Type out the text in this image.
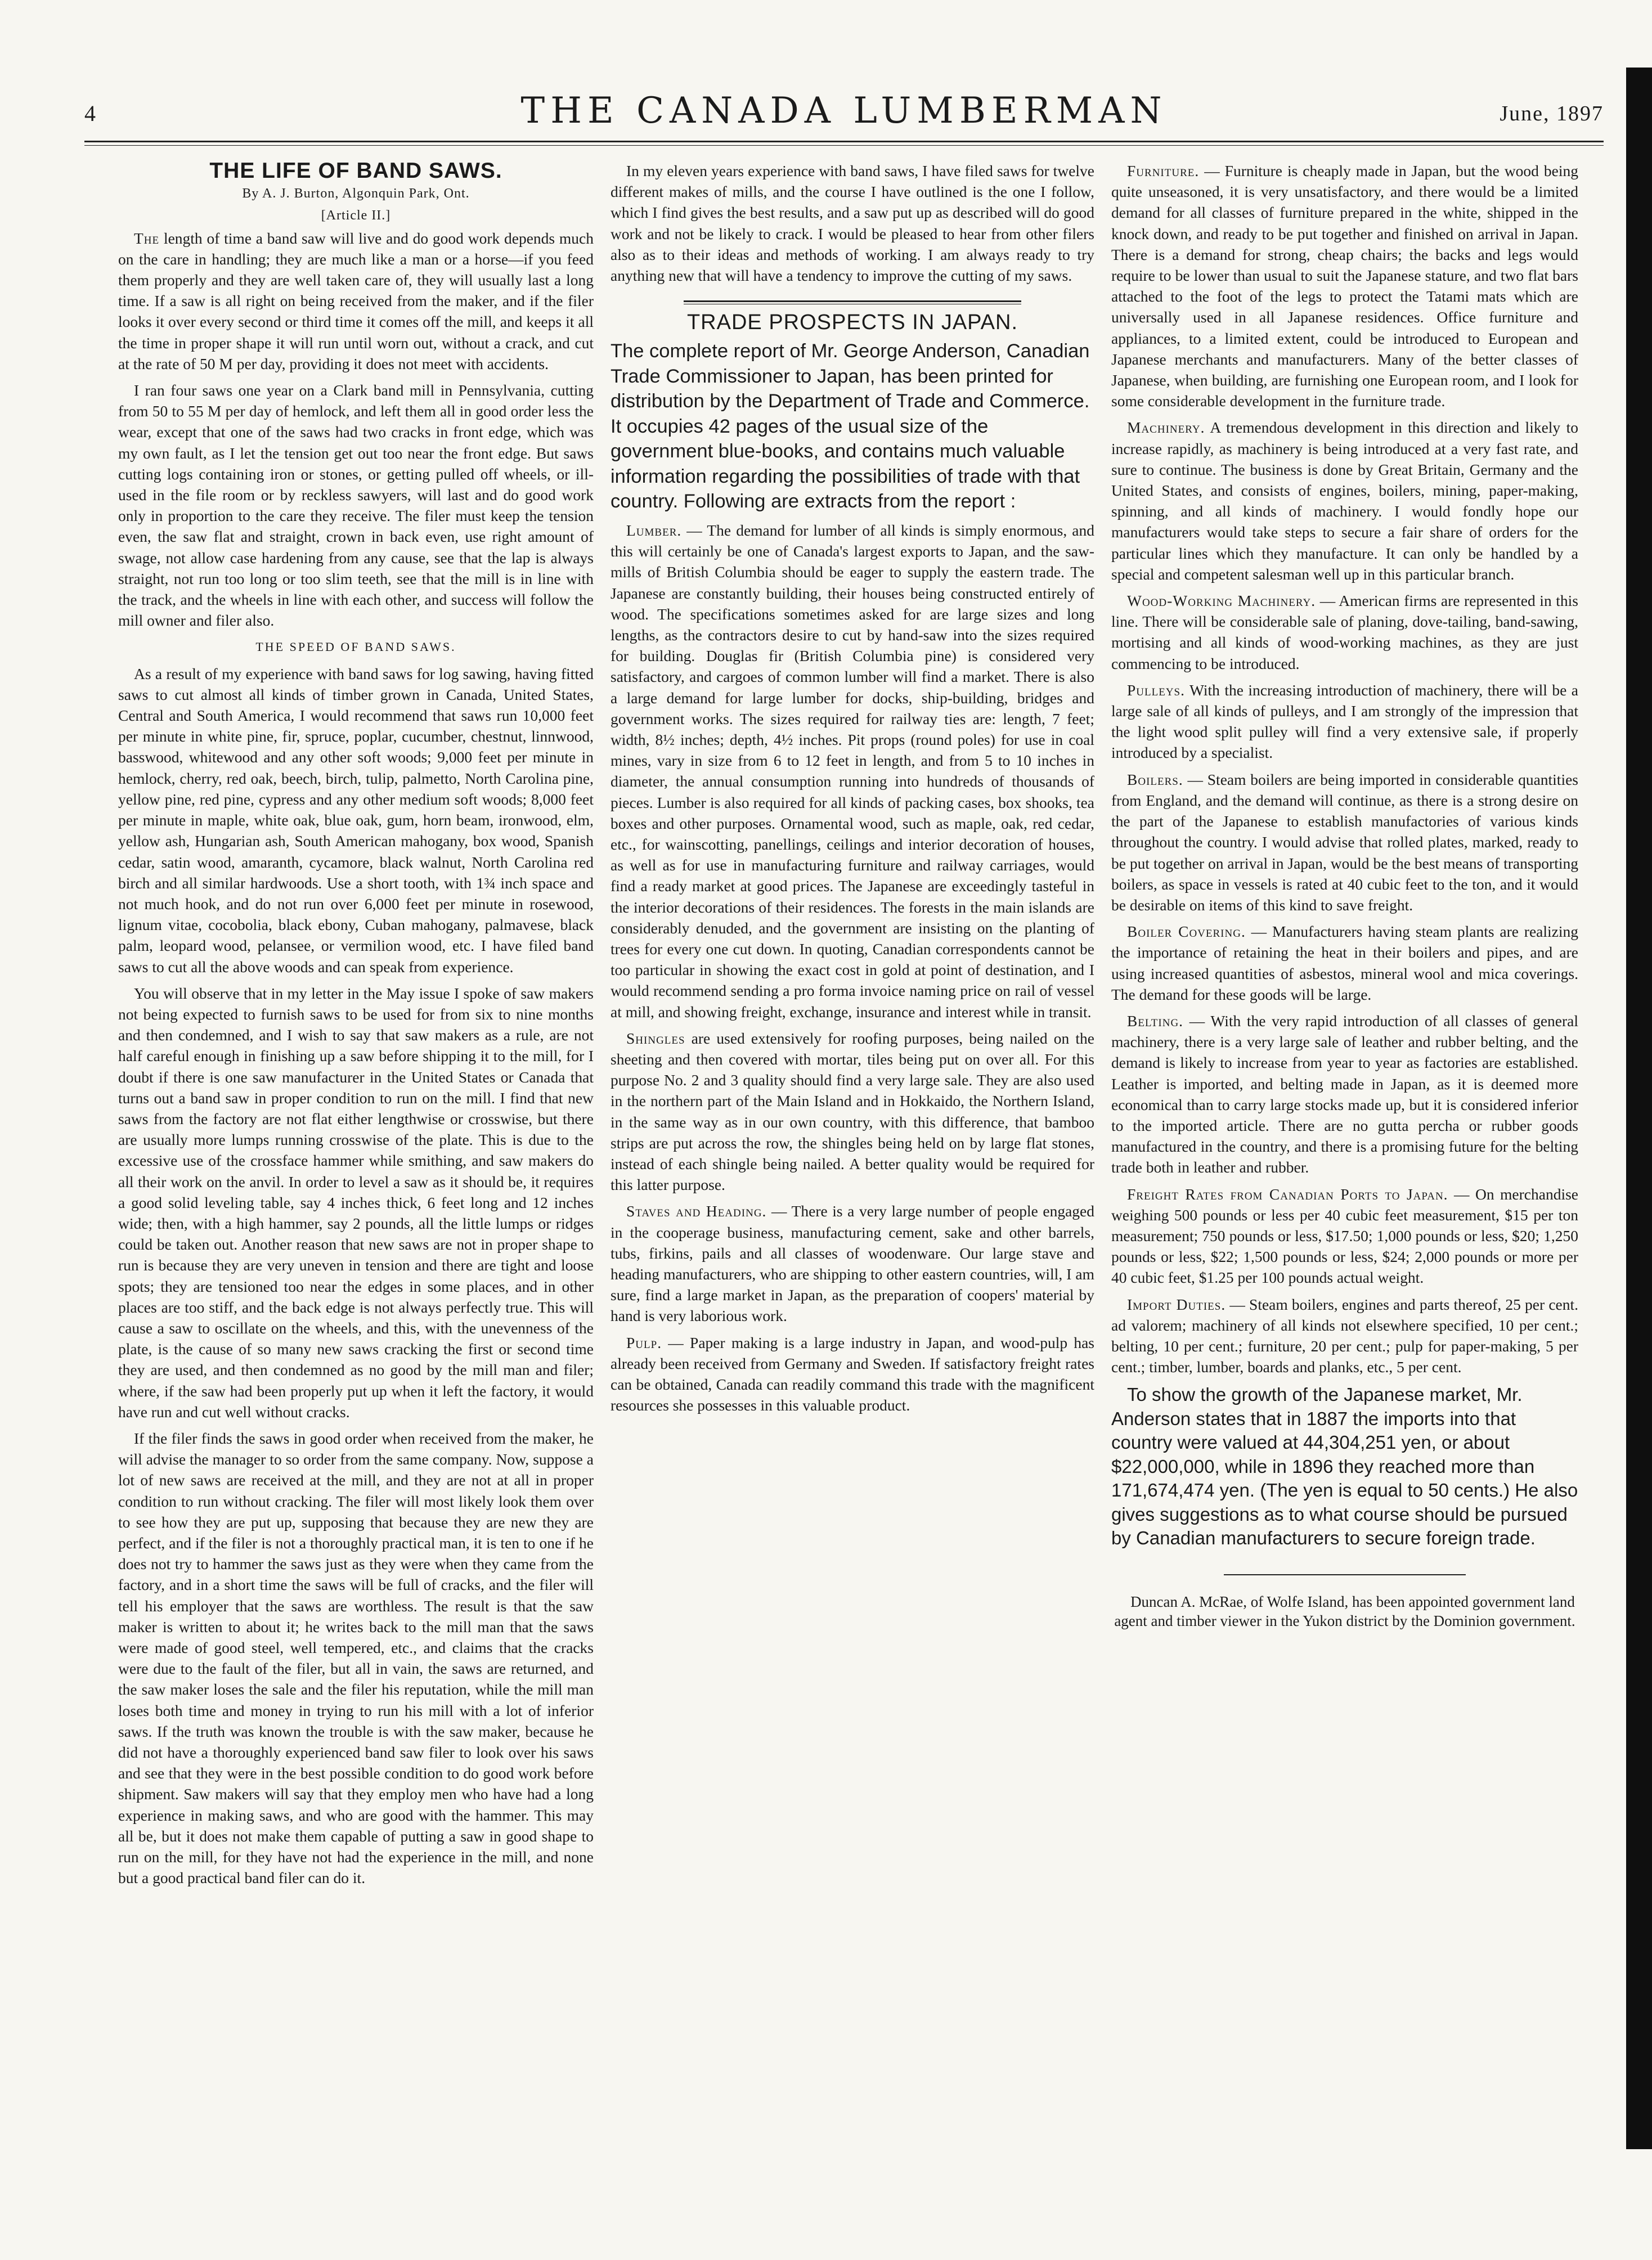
4	THE CANADA LUMBERMAN	June, 1897
THE LIFE OF BAND SAWS.
By A. J. Burton, Algonquin Park, Ont.
[Article II.]

The length of time a band saw will live and do good work depends much on the care in handling; they are much like a man or a horse—if you feed them properly and they are well taken care of, they will usually last a long time. If a saw is all right on being received from the maker, and if the filer looks it over every second or third time it comes off the mill, and keeps it all the time in proper shape it will run until worn out, without a crack, and cut at the rate of 50 M per day, providing it does not meet with accidents.

I ran four saws one year on a Clark band mill in Pennsylvania, cutting from 50 to 55 M per day of hemlock, and left them all in good order less the wear, except that one of the saws had two cracks in front edge, which was my own fault, as I let the tension get out too near the front edge. But saws cutting logs containing iron or stones, or getting pulled off wheels, or ill-used in the file room or by reckless sawyers, will last and do good work only in proportion to the care they receive. The filer must keep the tension even, the saw flat and straight, crown in back even, use right amount of swage, not allow case hardening from any cause, see that the lap is always straight, not run too long or too slim teeth, see that the mill is in line with the track, and the wheels in line with each other, and success will follow the mill owner and filer also.

THE SPEED OF BAND SAWS.

As a result of my experience with band saws for log sawing, having fitted saws to cut almost all kinds of timber grown in Canada, United States, Central and South America, I would recommend that saws run 10,000 feet per minute in white pine, fir, spruce, poplar, cucumber, chestnut, linnwood, basswood, whitewood and any other soft woods; 9,000 feet per minute in hemlock, cherry, red oak, beech, birch, tulip, palmetto, North Carolina pine, yellow pine, red pine, cypress and any other medium soft woods; 8,000 feet per minute in maple, white oak, blue oak, gum, horn beam, ironwood, elm, yellow ash, Hungarian ash, South American mahogany, box wood, Spanish cedar, satin wood, amaranth, cycamore, black walnut, North Carolina red birch and all similar hardwoods. Use a short tooth, with 1¾ inch space and not much hook, and do not run over 6,000 feet per minute in rosewood, lignum vitae, cocobolia, black ebony, Cuban mahogany, palmavese, black palm, leopard wood, pelansee, or vermilion wood, etc. I have filed band saws to cut all the above woods and can speak from experience.

You will observe that in my letter in the May issue I spoke of saw makers not being expected to furnish saws to be used for from six to nine months and then condemned, and I wish to say that saw makers as a rule, are not half careful enough in finishing up a saw before shipping it to the mill, for I doubt if there is one saw manufacturer in the United States or Canada that turns out a band saw in proper condition to run on the mill. I find that new saws from the factory are not flat either lengthwise or crosswise, but there are usually more lumps running crosswise of the plate. This is due to the excessive use of the crossface hammer while smithing, and saw makers do all their work on the anvil. In order to level a saw as it should be, it requires a good solid leveling table, say 4 inches thick, 6 feet long and 12 inches wide; then, with a high hammer, say 2 pounds, all the little lumps or ridges could be taken out. Another reason that new saws are not in proper shape to run is because they are very uneven in tension and there are tight and loose spots; they are tensioned too near the edges in some places, and in other places are too stiff, and the back edge is not always perfectly true. This will cause a saw to oscillate on the wheels, and this, with the unevenness of the plate, is the cause of so many new saws cracking the first or second time they are used, and then condemned as no good by the mill man and filer; where, if the saw had been properly put up when it left the factory, it would have run and cut well without cracks.

If the filer finds the saws in good order when received from the maker, he will advise the manager to so order from the same company. Now, suppose a lot of new saws are received at the mill, and they are not at all in proper condition to run without cracking. The filer will most likely look them over to see how they are put up, supposing that because they are new they are perfect, and if the filer is not a thoroughly practical man, it is ten to one if he does not try to hammer the saws just as they were when they came from the factory, and in a short time the saws will be full of cracks, and the filer will tell his employer that the saws are worthless. The result is that the saw maker is written to about it; he writes back to the mill man that the saws were made of good steel, well tempered, etc., and claims that the cracks were due to the fault of the filer, but all in vain, the saws are returned, and the saw maker loses the sale and the filer his reputation, while the mill man loses both time and money in trying to run his mill with a lot of inferior saws. If the truth was known the trouble is with the saw maker, because he did not have a thoroughly experienced band saw filer to look over his saws and see that they were in the best possible condition to do good work before shipment. Saw makers will say that they employ men who have had a long experience in making saws, and who are good with the hammer. This may all be, but it does not make them capable of putting a saw in good shape to run on the mill, for they have not had the experience in the mill, and none but a good practical band filer can do it.

In my eleven years experience with band saws, I have filed saws for twelve different makes of mills, and the course I have outlined is the one I follow, which I find gives the best results, and a saw put up as described will do good work and not be likely to crack. I would be pleased to hear from other filers also as to their ideas and methods of working. I am always ready to try anything new that will have a tendency to improve the cutting of my saws.

TRADE PROSPECTS IN JAPAN.

The complete report of Mr. George Anderson, Canadian Trade Commissioner to Japan, has been printed for distribution by the Department of Trade and Commerce. It occupies 42 pages of the usual size of the government blue-books, and contains much valuable information regarding the possibilities of trade with that country. Following are extracts from the report :

Lumber. — The demand for lumber of all kinds is simply enormous, and this will certainly be one of Canada's largest exports to Japan, and the saw-mills of British Columbia should be eager to supply the eastern trade. The Japanese are constantly building, their houses being constructed entirely of wood. The specifications sometimes asked for are large sizes and long lengths, as the contractors desire to cut by hand-saw into the sizes required for building. Douglas fir (British Columbia pine) is considered very satisfactory, and cargoes of common lumber will find a market. There is also a large demand for large lumber for docks, ship-building, bridges and government works. The sizes required for railway ties are: length, 7 feet; width, 8½ inches; depth, 4½ inches. Pit props (round poles) for use in coal mines, vary in size from 6 to 12 feet in length, and from 5 to 10 inches in diameter, the annual consumption running into hundreds of thousands of pieces. Lumber is also required for all kinds of packing cases, box shooks, tea boxes and other purposes. Ornamental wood, such as maple, oak, red cedar, etc., for wainscotting, panellings, ceilings and interior decoration of houses, as well as for use in manufacturing furniture and railway carriages, would find a ready market at good prices. The Japanese are exceedingly tasteful in the interior decorations of their residences. The forests in the main islands are considerably denuded, and the government are insisting on the planting of trees for every one cut down. In quoting, Canadian correspondents cannot be too particular in showing the exact cost in gold at point of destination, and I would recommend sending a pro forma invoice naming price on rail of vessel at mill, and showing freight, exchange, insurance and interest while in transit.

Shingles are used extensively for roofing purposes, being nailed on the sheeting and then covered with mortar, tiles being put on over all. For this purpose No. 2 and 3 quality should find a very large sale. They are also used in the northern part of the Main Island and in Hokkaido, the Northern Island, in the same way as in our own country, with this difference, that bamboo strips are put across the row, the shingles being held on by large flat stones, instead of each shingle being nailed. A better quality would be required for this latter purpose.

Staves and Heading. — There is a very large number of people engaged in the cooperage business, manufacturing cement, sake and other barrels, tubs, firkins, pails and all classes of woodenware. Our large stave and heading manufacturers, who are shipping to other eastern countries, will, I am sure, find a large market in Japan, as the preparation of coopers' material by hand is very laborious work.

Pulp. — Paper making is a large industry in Japan, and wood-pulp has already been received from Germany and Sweden. If satisfactory freight rates can be obtained, Canada can readily command this trade with the magnificent resources she possesses in this valuable product.

Furniture. — Furniture is cheaply made in Japan, but the wood being quite unseasoned, it is very unsatisfactory, and there would be a limited demand for all classes of furniture prepared in the white, shipped in the knock down, and ready to be put together and finished on arrival in Japan. There is a demand for strong, cheap chairs; the backs and legs would require to be lower than usual to suit the Japanese stature, and two flat bars attached to the foot of the legs to protect the Tatami mats which are universally used in all Japanese residences. Office furniture and appliances, to a limited extent, could be introduced to European and Japanese merchants and manufacturers. Many of the better classes of Japanese, when building, are furnishing one European room, and I look for some considerable development in the furniture trade.

Machinery. A tremendous development in this direction and likely to increase rapidly, as machinery is being introduced at a very fast rate, and sure to continue. The business is done by Great Britain, Germany and the United States, and consists of engines, boilers, mining, paper-making, spinning, and all kinds of machinery. I would fondly hope our manufacturers would take steps to secure a fair share of orders for the particular lines which they manufacture. It can only be handled by a special and competent salesman well up in this particular branch.

Wood-Working Machinery. — American firms are represented in this line. There will be considerable sale of planing, dove-tailing, band-sawing, mortising and all kinds of wood-working machines, as they are just commencing to be introduced.

Pulleys. With the increasing introduction of machinery, there will be a large sale of all kinds of pulleys, and I am strongly of the impression that the light wood split pulley will find a very extensive sale, if properly introduced by a specialist.

Boilers. — Steam boilers are being imported in considerable quantities from England, and the demand will continue, as there is a strong desire on the part of the Japanese to establish manufactories of various kinds throughout the country. I would advise that rolled plates, marked, ready to be put together on arrival in Japan, would be the best means of transporting boilers, as space in vessels is rated at 40 cubic feet to the ton, and it would be desirable on items of this kind to save freight.

Boiler Covering. — Manufacturers having steam plants are realizing the importance of retaining the heat in their boilers and pipes, and are using increased quantities of asbestos, mineral wool and mica coverings. The demand for these goods will be large.

Belting. — With the very rapid introduction of all classes of general machinery, there is a very large sale of leather and rubber belting, and the demand is likely to increase from year to year as factories are established. Leather is imported, and belting made in Japan, as it is deemed more economical than to carry large stocks made up, but it is considered inferior to the imported article. There are no gutta percha or rubber goods manufactured in the country, and there is a promising future for the belting trade both in leather and rubber.

Freight Rates from Canadian Ports to Japan. — On merchandise weighing 500 pounds or less per 40 cubic feet measurement, $15 per ton measurement; 750 pounds or less, $17.50; 1,000 pounds or less, $20; 1,250 pounds or less, $22; 1,500 pounds or less, $24; 2,000 pounds or more per 40 cubic feet, $1.25 per 100 pounds actual weight.

Import Duties. — Steam boilers, engines and parts thereof, 25 per cent. ad valorem; machinery of all kinds not elsewhere specified, 10 per cent.; belting, 10 per cent.; furniture, 20 per cent.; pulp for paper-making, 5 per cent.; timber, lumber, boards and planks, etc., 5 per cent.

To show the growth of the Japanese market, Mr. Anderson states that in 1887 the imports into that country were valued at 44,304,251 yen, or about $22,000,000, while in 1896 they reached more than 171,674,474 yen. (The yen is equal to 50 cents.) He also gives suggestions as to what course should be pursued by Canadian manufacturers to secure foreign trade.

Duncan A. McRae, of Wolfe Island, has been appointed government land agent and timber viewer in the Yukon district by the Dominion government.
